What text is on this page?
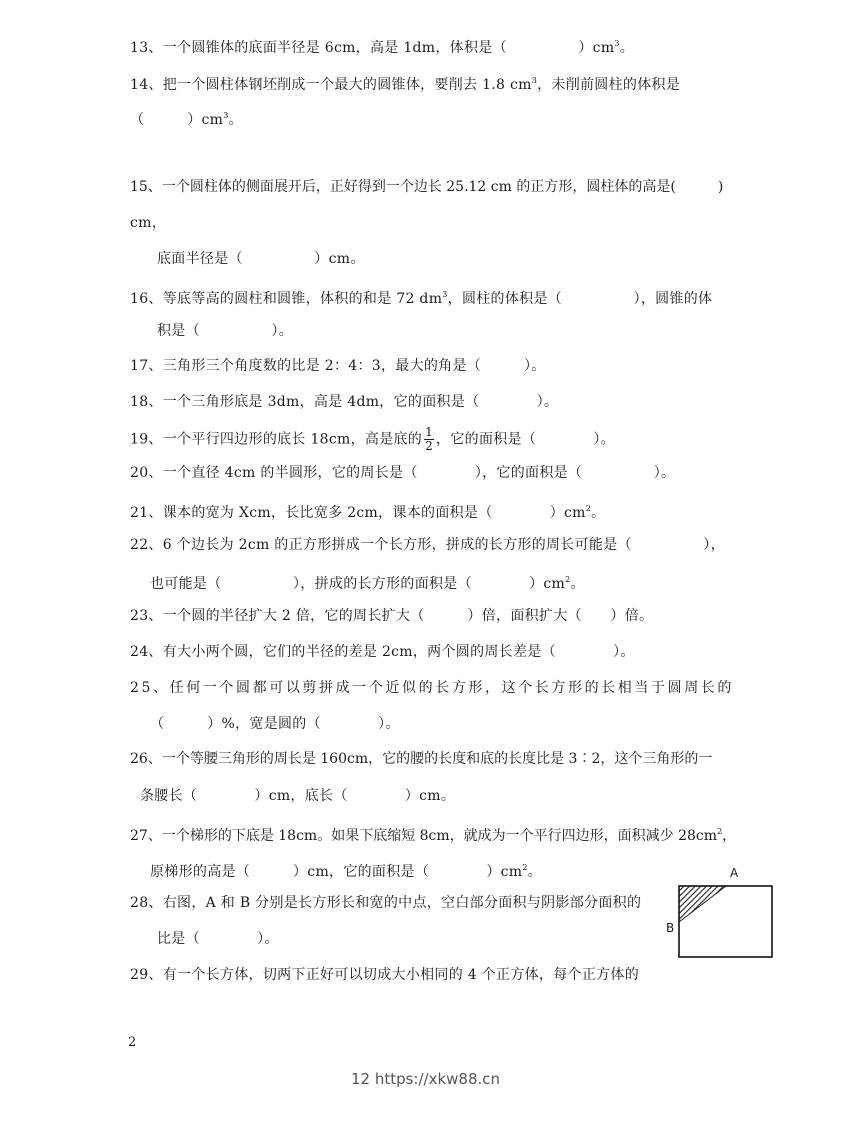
13、一个圆锥体的底面半径是 6cm，高是 1dm，体积是（　　　　　）$cm^3$。
14、把一个圆柱体钢坯削成一个最大的圆锥体，要削去 1.8 $cm^3$，未削前圆柱的体积是
（　　　）$cm^3$。
15、一个圆柱体的侧面展开后，正好得到一个边长 25.12 cm 的正方形，圆柱体的高是(　　　)
cm，
底面半径是（　　　　　）cm。
16、等底等高的圆柱和圆锥，体积的和是 72 $dm^3$，圆柱的体积是（　　　　　），圆锥的体
积是（　　　　　）。
17、三角形三个角度数的比是 2：4：3，最大的角是（　　　）。
18、一个三角形底是 3dm，高是 4dm，它的面积是（　　　　）。
19、一个平行四边形的底长 18cm，高是底的 $\frac{1}{2}$ ，它的面积是（　　　　）。
20、一个直径 4cm 的半圆形，它的周长是（　　　　），它的面积是（　　　　　）。
21、课本的宽为 Xcm，长比宽多 2cm，课本的面积是（　　　　）$cm^2$。
22、6 个边长为 2cm 的正方形拼成一个长方形，拼成的长方形的周长可能是（　　　　　），
也可能是（　　　　　），拼成的长方形的面积是（　　　　）$cm^2$。
23、一个圆的半径扩大 2 倍，它的周长扩大（　　　）倍，面积扩大（　　）倍。
24、有大小两个圆，它们的半径的差是 2cm，两个圆的周长差是（　　　　）。
25、任何一个圆都可以剪拼成一个近似的长方形，这个长方形的长相当于圆周长的
（　　　）%，宽是圆的（　　　　）。
26、一个等腰三角形的周长是 160cm，它的腰的长度和底的长度比是 3∶2，这个三角形的一
条腰长（　　　　）cm，底长（　　　　）cm。
27、一个梯形的下底是 18cm。如果下底缩短 8cm，就成为一个平行四边形，面积减少 $28cm^2$，
原梯形的高是（　　　）cm，它的面积是（　　　　）$cm^2$。
28、右图，A 和 B 分别是长方形长和宽的中点，空白部分面积与阴影部分面积的
比是（　　　　）。
29、有一个长方体，切两下正好可以切成大小相同的 4 个正方体，每个正方体的
A
B
2
12 https://xkw88.cn
